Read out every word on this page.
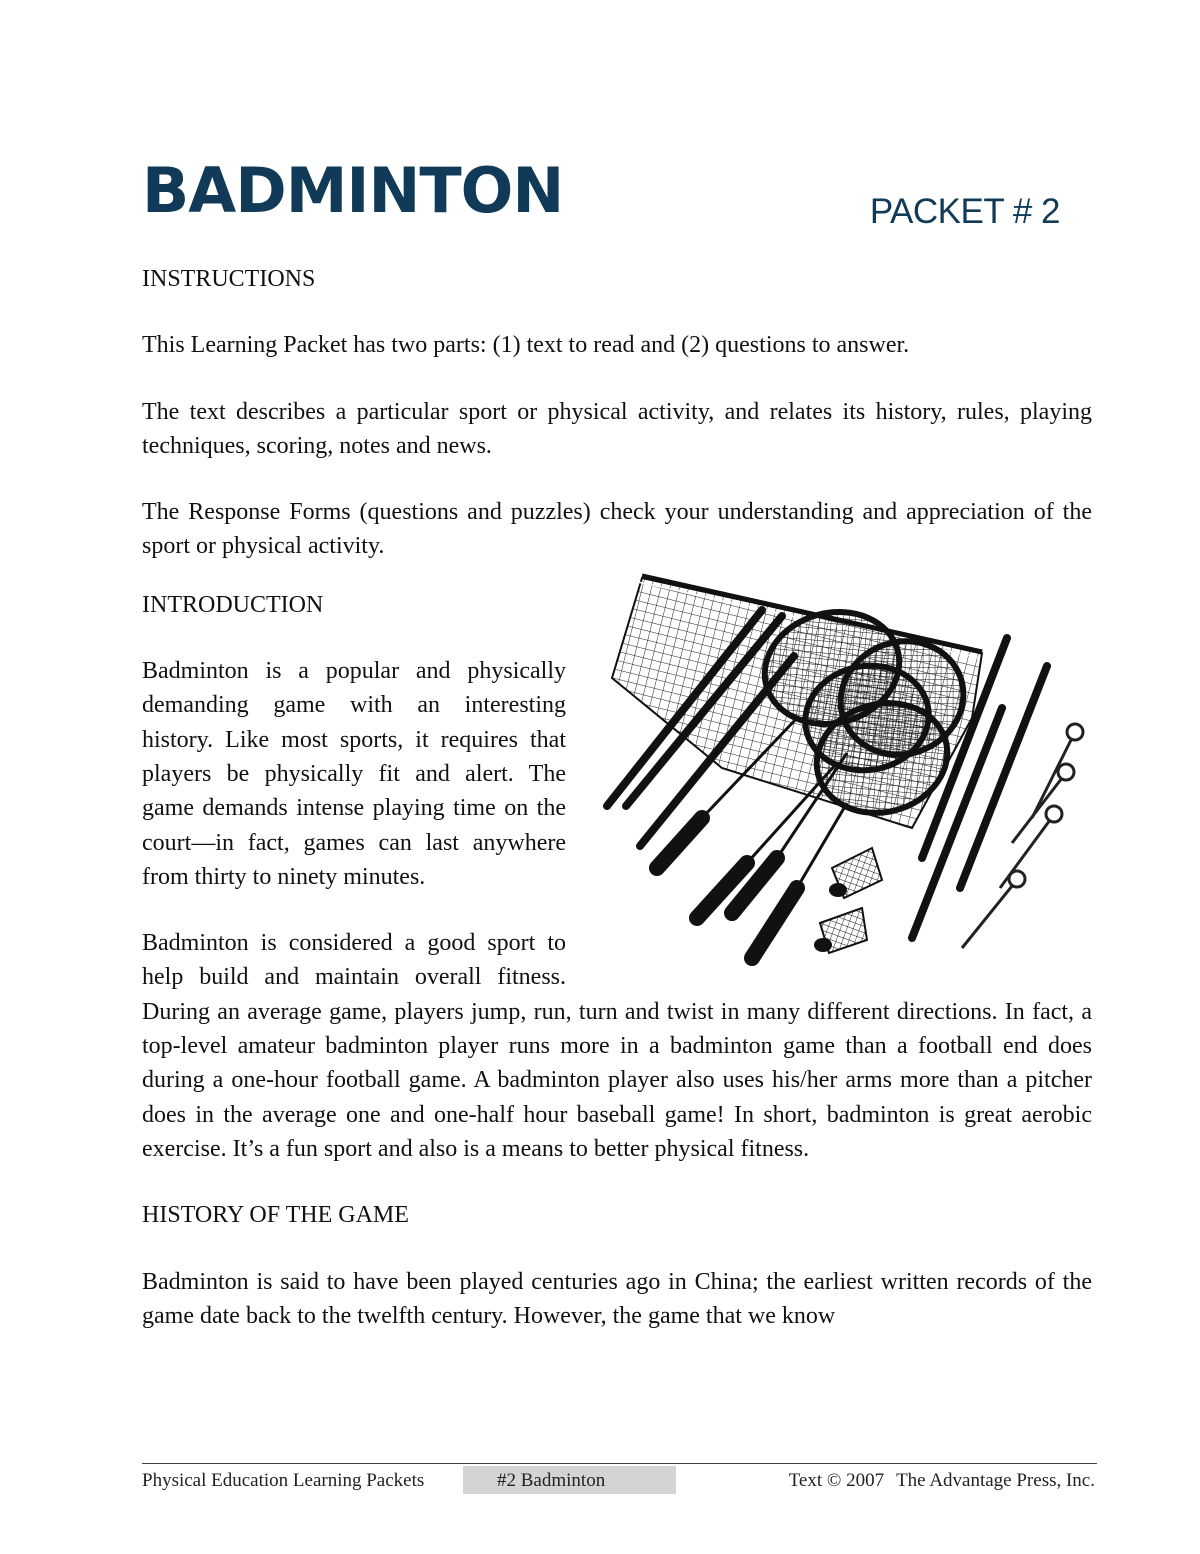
BADMINTON	PACKET # 2
INSTRUCTIONS

This Learning Packet has two parts: (1) text to read and (2) questions to answer.

The text describes a particular sport or physical activity, and relates its history, rules, playing techniques, scoring, notes and news.

The Response Forms (questions and puzzles) check your understanding and appreciation of the sport or physical activity.

INTRODUCTION

Badminton is a popular and physically demanding game with an interesting history. Like most sports, it requires that players be physically fit and alert. The game demands intense playing time on the court—in fact, games can last anywhere from thirty to ninety minutes.

Badminton is considered a good sport to help build and maintain overall fitness. During an average game, players jump, run, turn and twist in many different directions. In fact, a top-level amateur badminton player runs more in a badminton game than a football end does during a one-hour football game. A badminton player also uses his/her arms more than a pitcher does in the average one and one-half hour baseball game! In short, badminton is great aerobic exercise. It’s a fun sport and also is a means to better physical fitness.

HISTORY OF THE GAME

Badminton is said to have been played centuries ago in China; the earliest written records of the game date back to the twelfth century. However, the game that we know

Physical Education Learning Packets	#2 Badminton	Text © 2007 The Advantage Press, Inc.
